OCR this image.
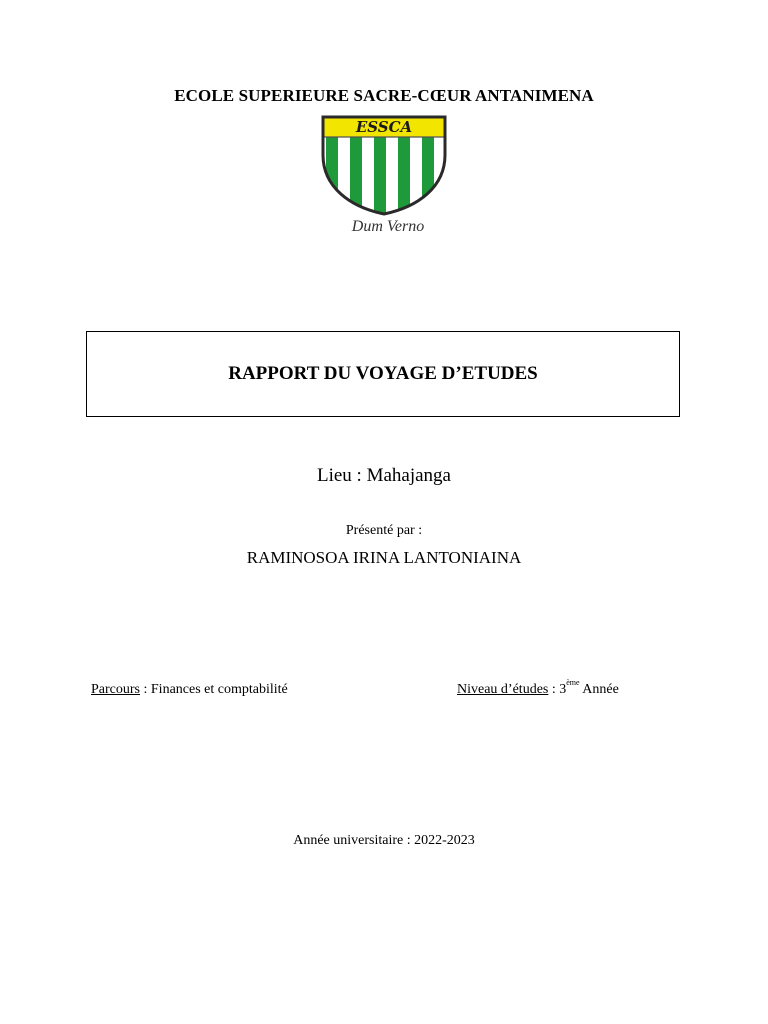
ECOLE SUPERIEURE SACRE-CŒUR ANTANIMENA
ESSCA
Dum Verno
RAPPORT DU VOYAGE D’ETUDES
Lieu : Mahajanga
Présenté par :
RAMINOSOA IRINA LANTONIAINA
Parcours : Finances et comptabilité	Niveau d’études : 3ème Année
Année universitaire : 2022-2023
